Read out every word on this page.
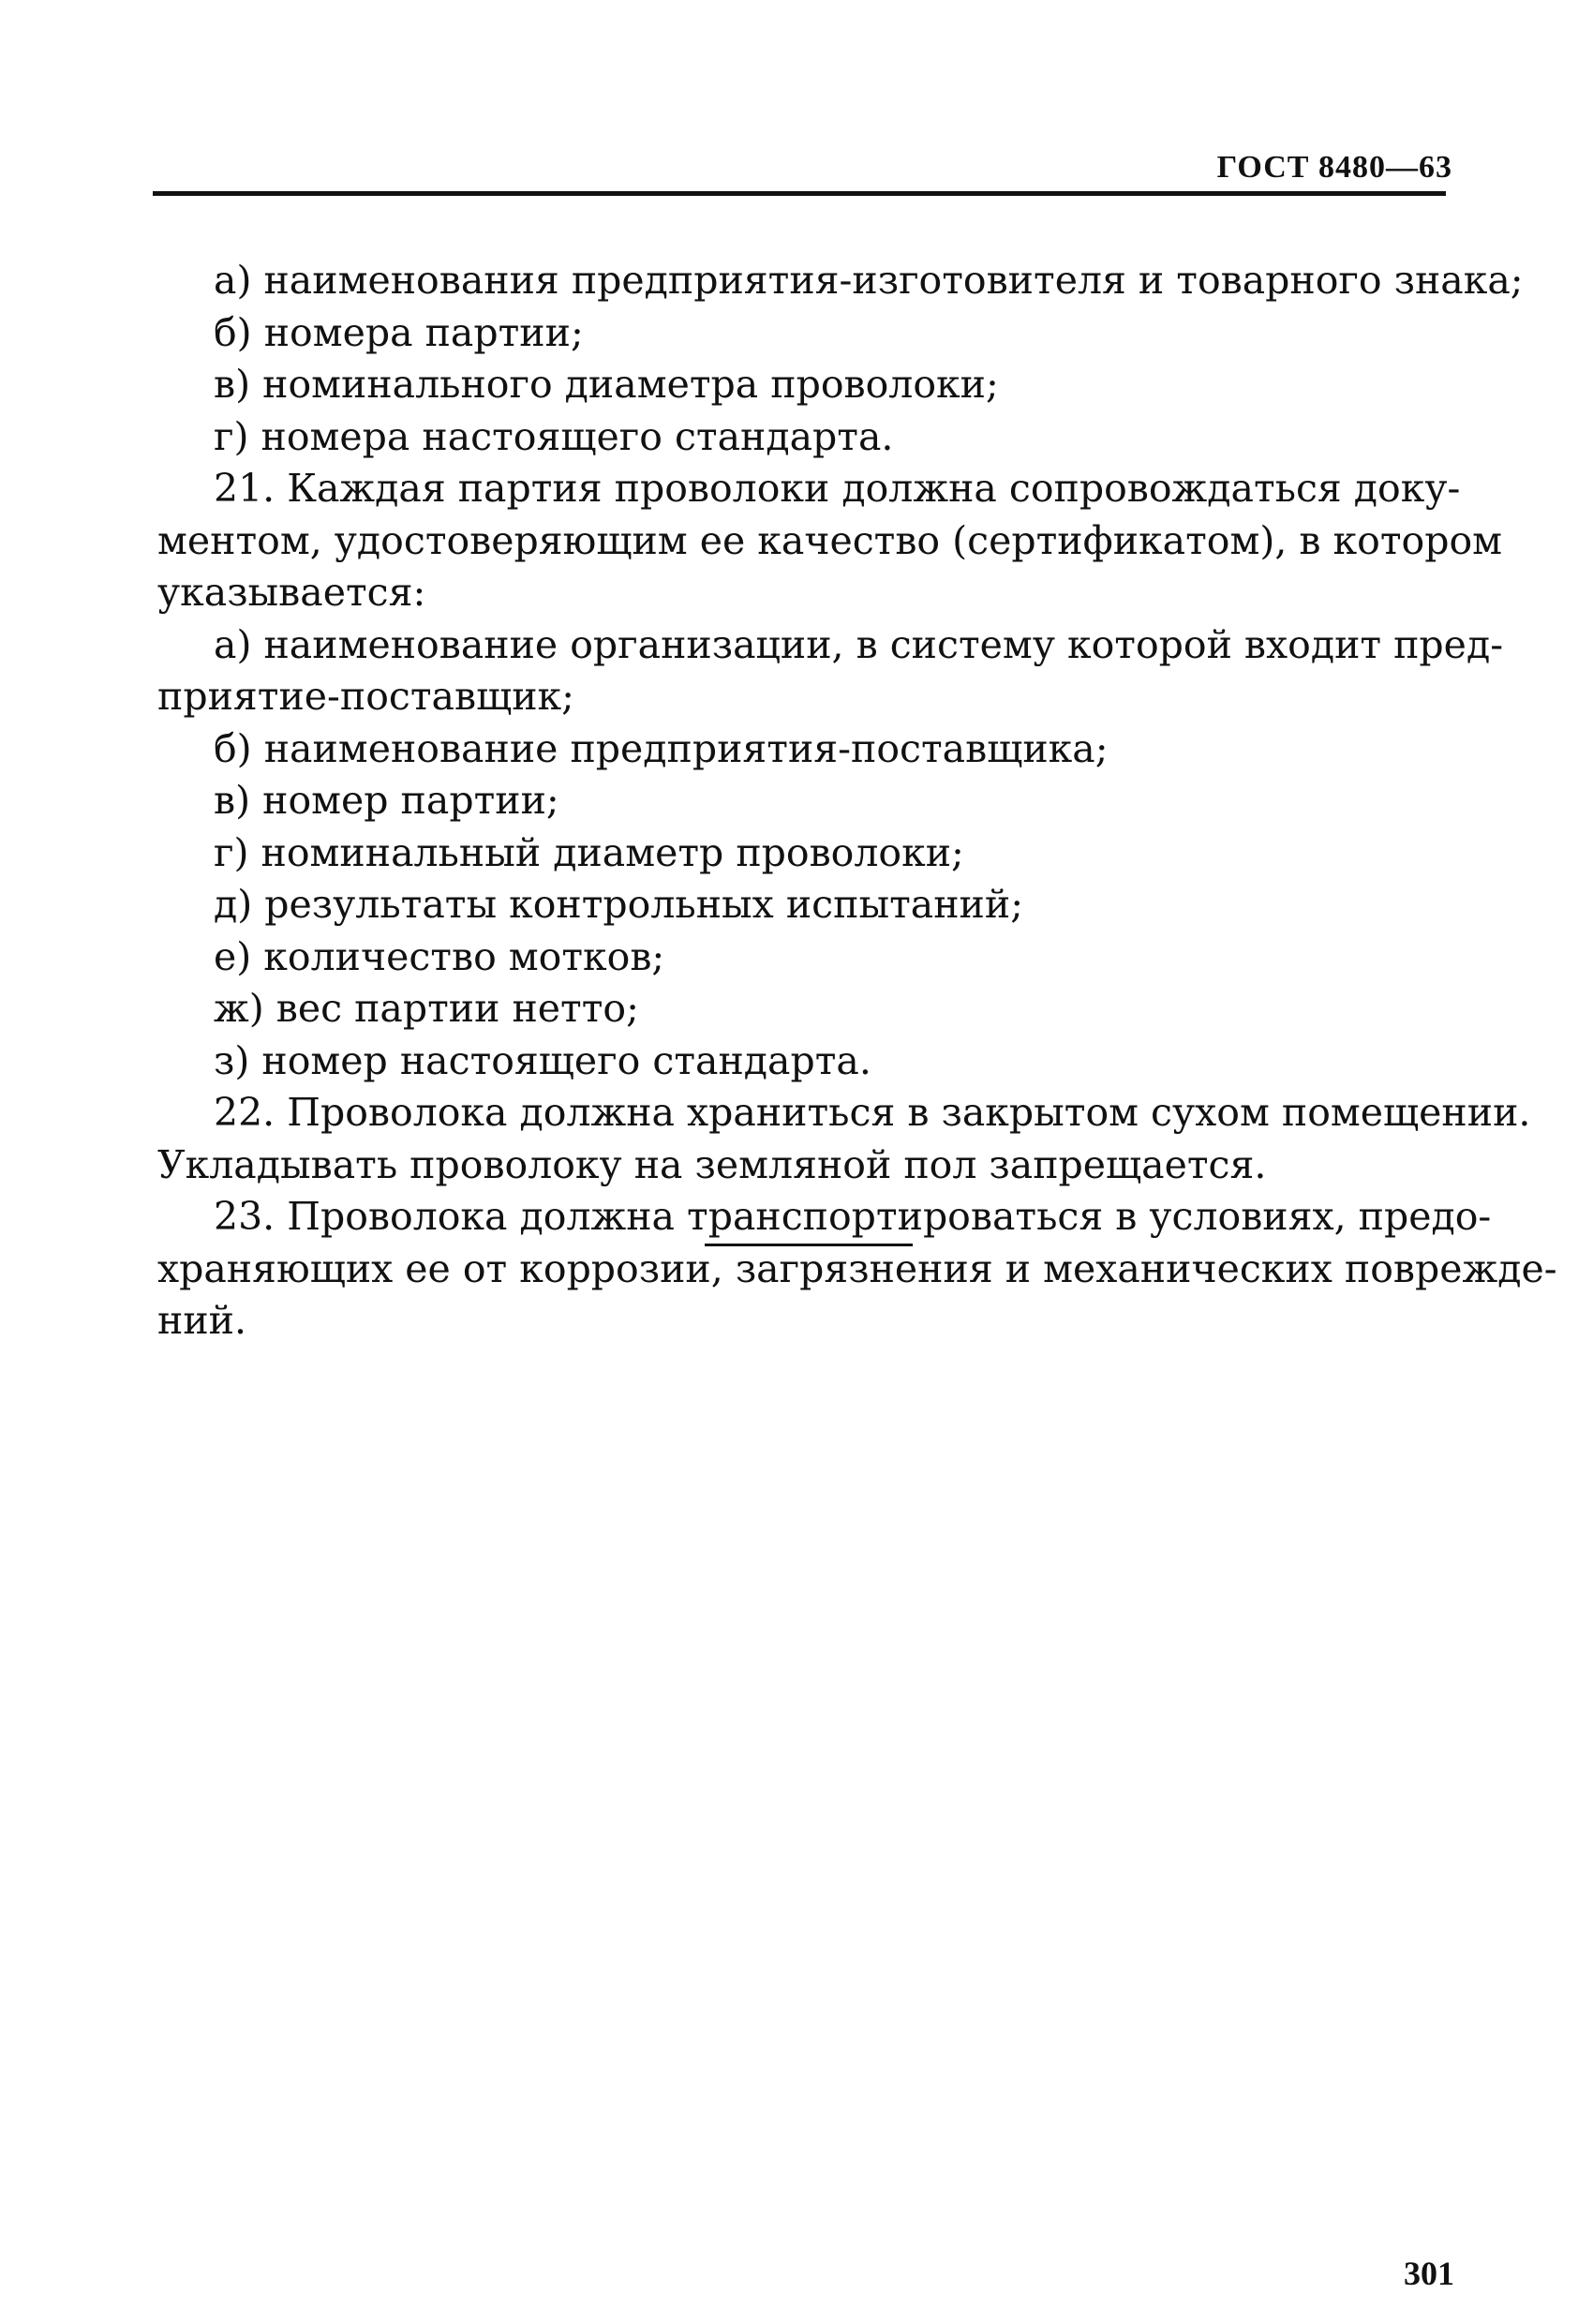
ГОСТ 8480—63
а) наименования предприятия-изготовителя и товарного знака;
б) номера партии;
в) номинального диаметра проволоки;
г) номера настоящего стандарта.
21. Каждая партия проволоки должна сопровождаться доку-
ментом, удостоверяющим ее качество (сертификатом), в котором
указывается:
а) наименование организации, в систему которой входит пред-
приятие-поставщик;
б) наименование предприятия-поставщика;
в) номер партии;
г) номинальный диаметр проволоки;
д) результаты контрольных испытаний;
е) количество мотков;
ж) вес партии нетто;
з) номер настоящего стандарта.
22. Проволока должна храниться в закрытом сухом помещении.
Укладывать проволоку на земляной пол запрещается.
23. Проволока должна транспортироваться в условиях, предо-
храняющих ее от коррозии, загрязнения и механических поврежде-
ний.
301
